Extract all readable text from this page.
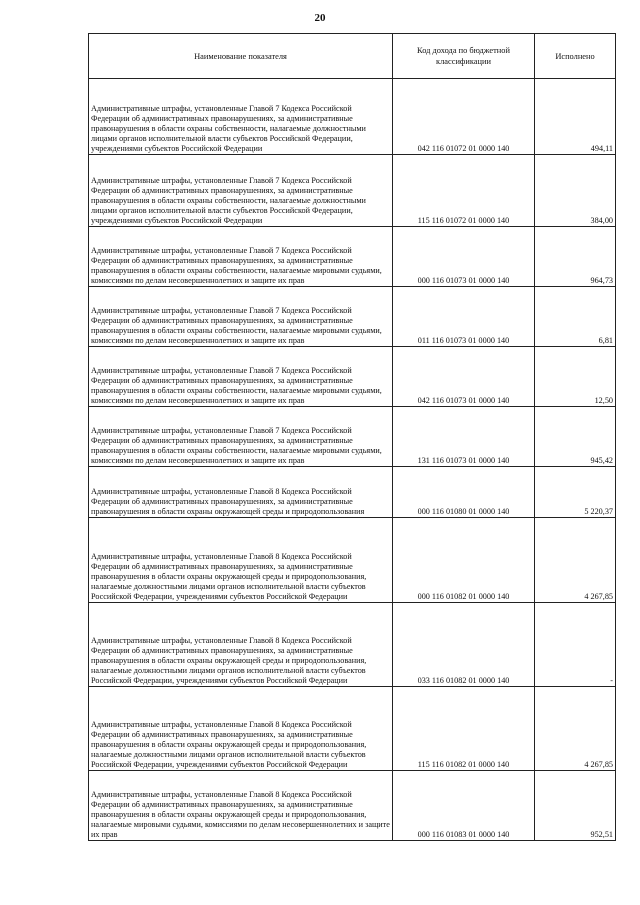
20
Наименование показателя	Код дохода по бюджетной классификации	Исполнено
Административные штрафы, установленные Главой 7 Кодекса Российской Федерации об административных правонарушениях, за административные правонарушения в области охраны собственности, налагаемые должностными лицами органов исполнительной власти субъектов Российской Федерации, учреждениями субъектов Российской Федерации	042 116 01072 01 0000 140	494,11
Административные штрафы, установленные Главой 7 Кодекса Российской Федерации об административных правонарушениях, за административные правонарушения в области охраны собственности, налагаемые должностными лицами органов исполнительной власти субъектов Российской Федерации, учреждениями субъектов Российской Федерации	115 116 01072 01 0000 140	384,00
Административные штрафы, установленные Главой 7 Кодекса Российской Федерации об административных правонарушениях, за административные правонарушения в области охраны собственности, налагаемые мировыми судьями, комиссиями по делам несовершеннолетних и защите их прав	000 116 01073 01 0000 140	964,73
Административные штрафы, установленные Главой 7 Кодекса Российской Федерации об административных правонарушениях, за административные правонарушения в области охраны собственности, налагаемые мировыми судьями, комиссиями по делам несовершеннолетних и защите их прав	011 116 01073 01 0000 140	6,81
Административные штрафы, установленные Главой 7 Кодекса Российской Федерации об административных правонарушениях, за административные правонарушения в области охраны собственности, налагаемые мировыми судьями, комиссиями по делам несовершеннолетних и защите их прав	042 116 01073 01 0000 140	12,50
Административные штрафы, установленные Главой 7 Кодекса Российской Федерации об административных правонарушениях, за административные правонарушения в области охраны собственности, налагаемые мировыми судьями, комиссиями по делам несовершеннолетних и защите их прав	131 116 01073 01 0000 140	945,42
Административные штрафы, установленные Главой 8 Кодекса Российской Федерации об административных правонарушениях, за административные правонарушения в области охраны окружающей среды и природопользования	000 116 01080 01 0000 140	5 220,37
Административные штрафы, установленные Главой 8 Кодекса Российской Федерации об административных правонарушениях, за административные правонарушения в области охраны окружающей среды и природопользования, налагаемые должностными лицами органов исполнительной власти субъектов Российской Федерации, учреждениями субъектов Российской Федерации	000 116 01082 01 0000 140	4 267,85
Административные штрафы, установленные Главой 8 Кодекса Российской Федерации об административных правонарушениях, за административные правонарушения в области охраны окружающей среды и природопользования, налагаемые должностными лицами органов исполнительной власти субъектов Российской Федерации, учреждениями субъектов Российской Федерации	033 116 01082 01 0000 140	-
Административные штрафы, установленные Главой 8 Кодекса Российской Федерации об административных правонарушениях, за административные правонарушения в области охраны окружающей среды и природопользования, налагаемые должностными лицами органов исполнительной власти субъектов Российской Федерации, учреждениями субъектов Российской Федерации	115 116 01082 01 0000 140	4 267,85
Административные штрафы, установленные Главой 8 Кодекса Российской Федерации об административных правонарушениях, за административные правонарушения в области охраны окружающей среды и природопользования, налагаемые мировыми судьями, комиссиями по делам несовершеннолетних и защите их прав	000 116 01083 01 0000 140	952,51
